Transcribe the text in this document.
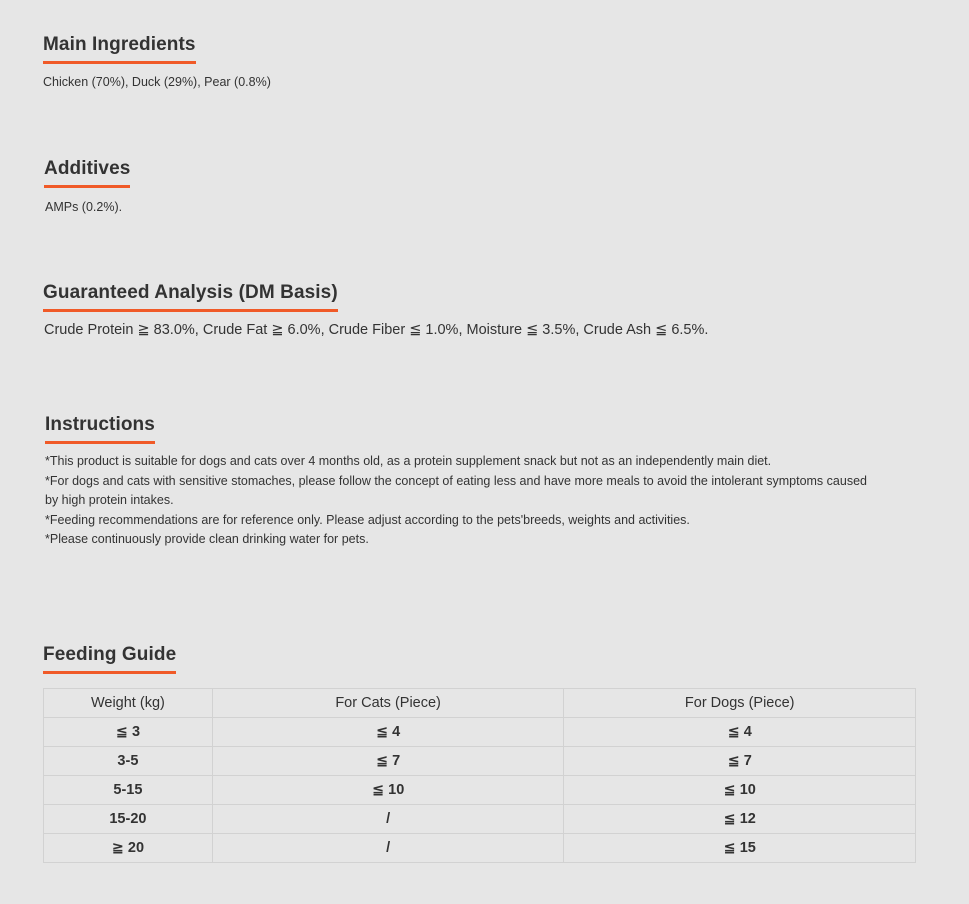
Main Ingredients
Chicken (70%), Duck (29%), Pear (0.8%)
Additives
AMPs (0.2%).
Guaranteed Analysis (DM Basis)
Crude Protein ≧ 83.0%, Crude Fat ≧ 6.0%, Crude Fiber ≦ 1.0%, Moisture ≦ 3.5%, Crude Ash ≦ 6.5%.
Instructions
*This product is suitable for dogs and cats over 4 months old, as a protein supplement snack but not as an independently main diet.
*For dogs and cats with sensitive stomaches, please follow the concept of eating less and have more meals to avoid the intolerant symptoms caused
by high protein intakes.
*Feeding recommendations are for reference only. Please adjust according to the pets'breeds, weights and activities.
*Please continuously provide clean drinking water for pets.
Feeding Guide
Weight (kg)	For Cats (Piece)	For Dogs (Piece)
≦ 3	≦ 4	≦ 4
3-5	≦ 7	≦ 7
5-15	≦ 10	≦ 10
15-20	/	≦ 12
≧ 20	/	≦ 15
